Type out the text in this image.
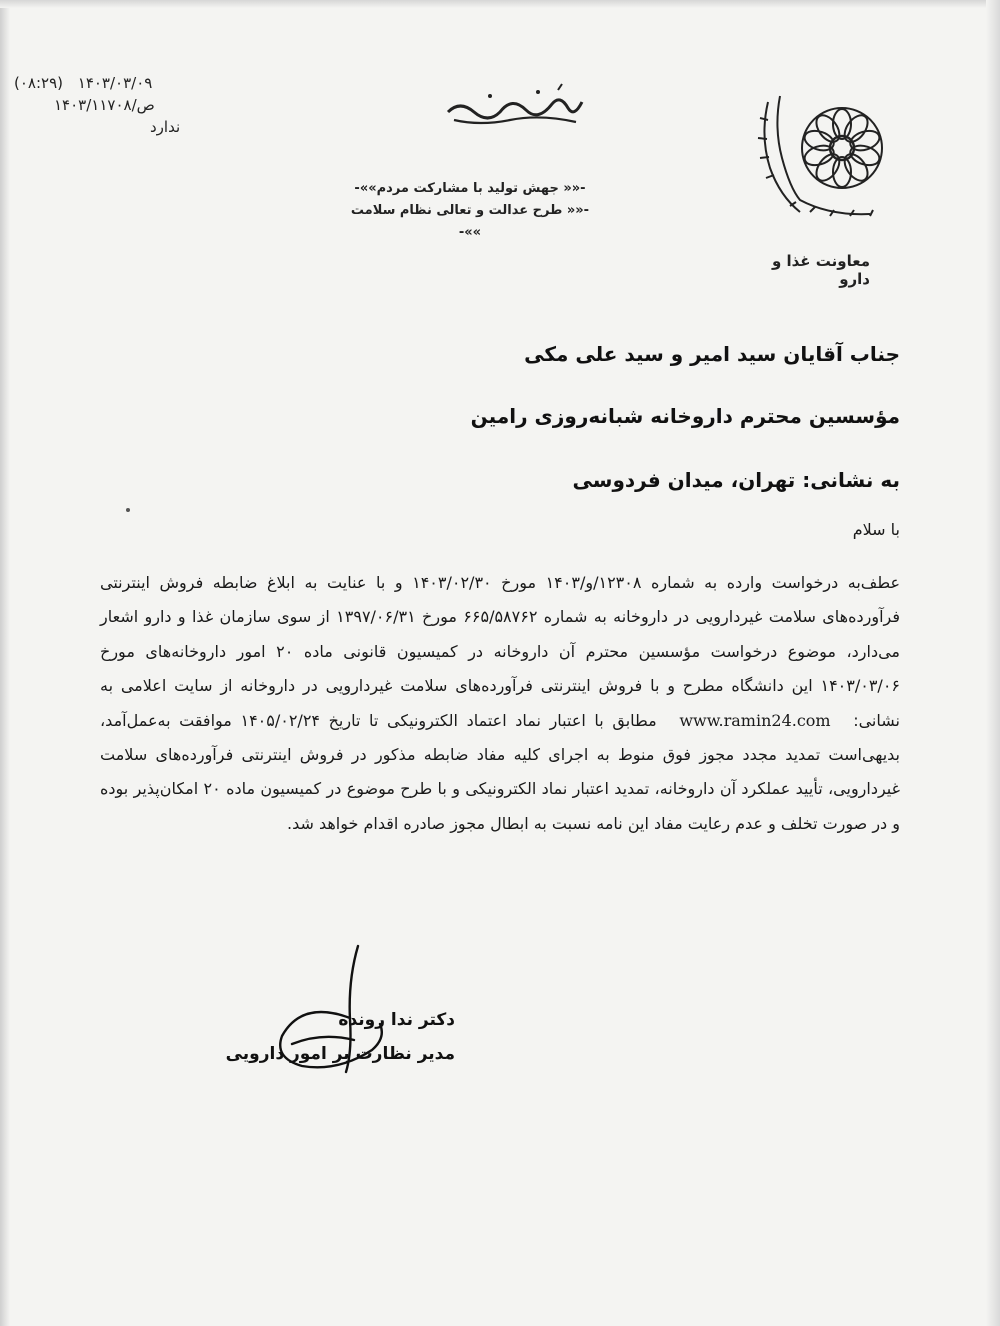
(۰۸:۲۹) ۱۴۰۳/۰۳/۰۹
۱۴۰۳/ص/۱۱۷۰۸
ندارد
-«« جهش تولید با مشارکت مردم»»-
-«« طرح عدالت و تعالی نظام سلامت »»-
معاونت غذا و دارو
جناب آقایان سید امیر و سید علی مکی
مؤسسین محترم داروخانه شبانه‌روزی رامین
به نشانی: تهران، میدان فردوسی
با سلام
عطف‌به درخواست وارده به شماره ۱۲۳۰۸/و/۱۴۰۳ مورخ ۱۴۰۳/۰۲/۳۰ و با عنایت به ابلاغ ضابطه فروش اینترنتی فرآورده‌های سلامت غیردارویی در داروخانه به شماره ۶۶۵/۵۸۷۶۲ مورخ ۱۳۹۷/۰۶/۳۱ از سوی سازمان غذا و دارو اشعار می‌دارد، موضوع درخواست مؤسسین محترم آن داروخانه در کمیسیون قانونی ماده ۲۰ امور داروخانه‌های مورخ ۱۴۰۳/۰۳/۰۶ این دانشگاه مطرح و با فروش اینترنتی فرآورده‌های سلامت غیردارویی در داروخانه از سایت اعلامی به نشانی: www.ramin24.com مطابق با اعتبار نماد اعتماد الکترونیکی تا تاریخ ۱۴۰۵/۰۲/۲۴ موافقت به‌عمل‌آمد، بدیهی‌است تمدید مجدد مجوز فوق منوط به اجرای کلیه مفاد ضابطه مذکور در فروش اینترنتی فرآورده‌های سلامت غیردارویی، تأیید عملکرد آن داروخانه، تمدید اعتبار نماد الکترونیکی و با طرح موضوع در کمیسیون ماده ۲۰ امکان‌پذیر بوده و در صورت تخلف و عدم رعایت مفاد این نامه نسبت به ابطال مجوز صادره اقدام خواهد شد.
دکتر ندا رونده
مدیر نظارت بر امور دارویی
